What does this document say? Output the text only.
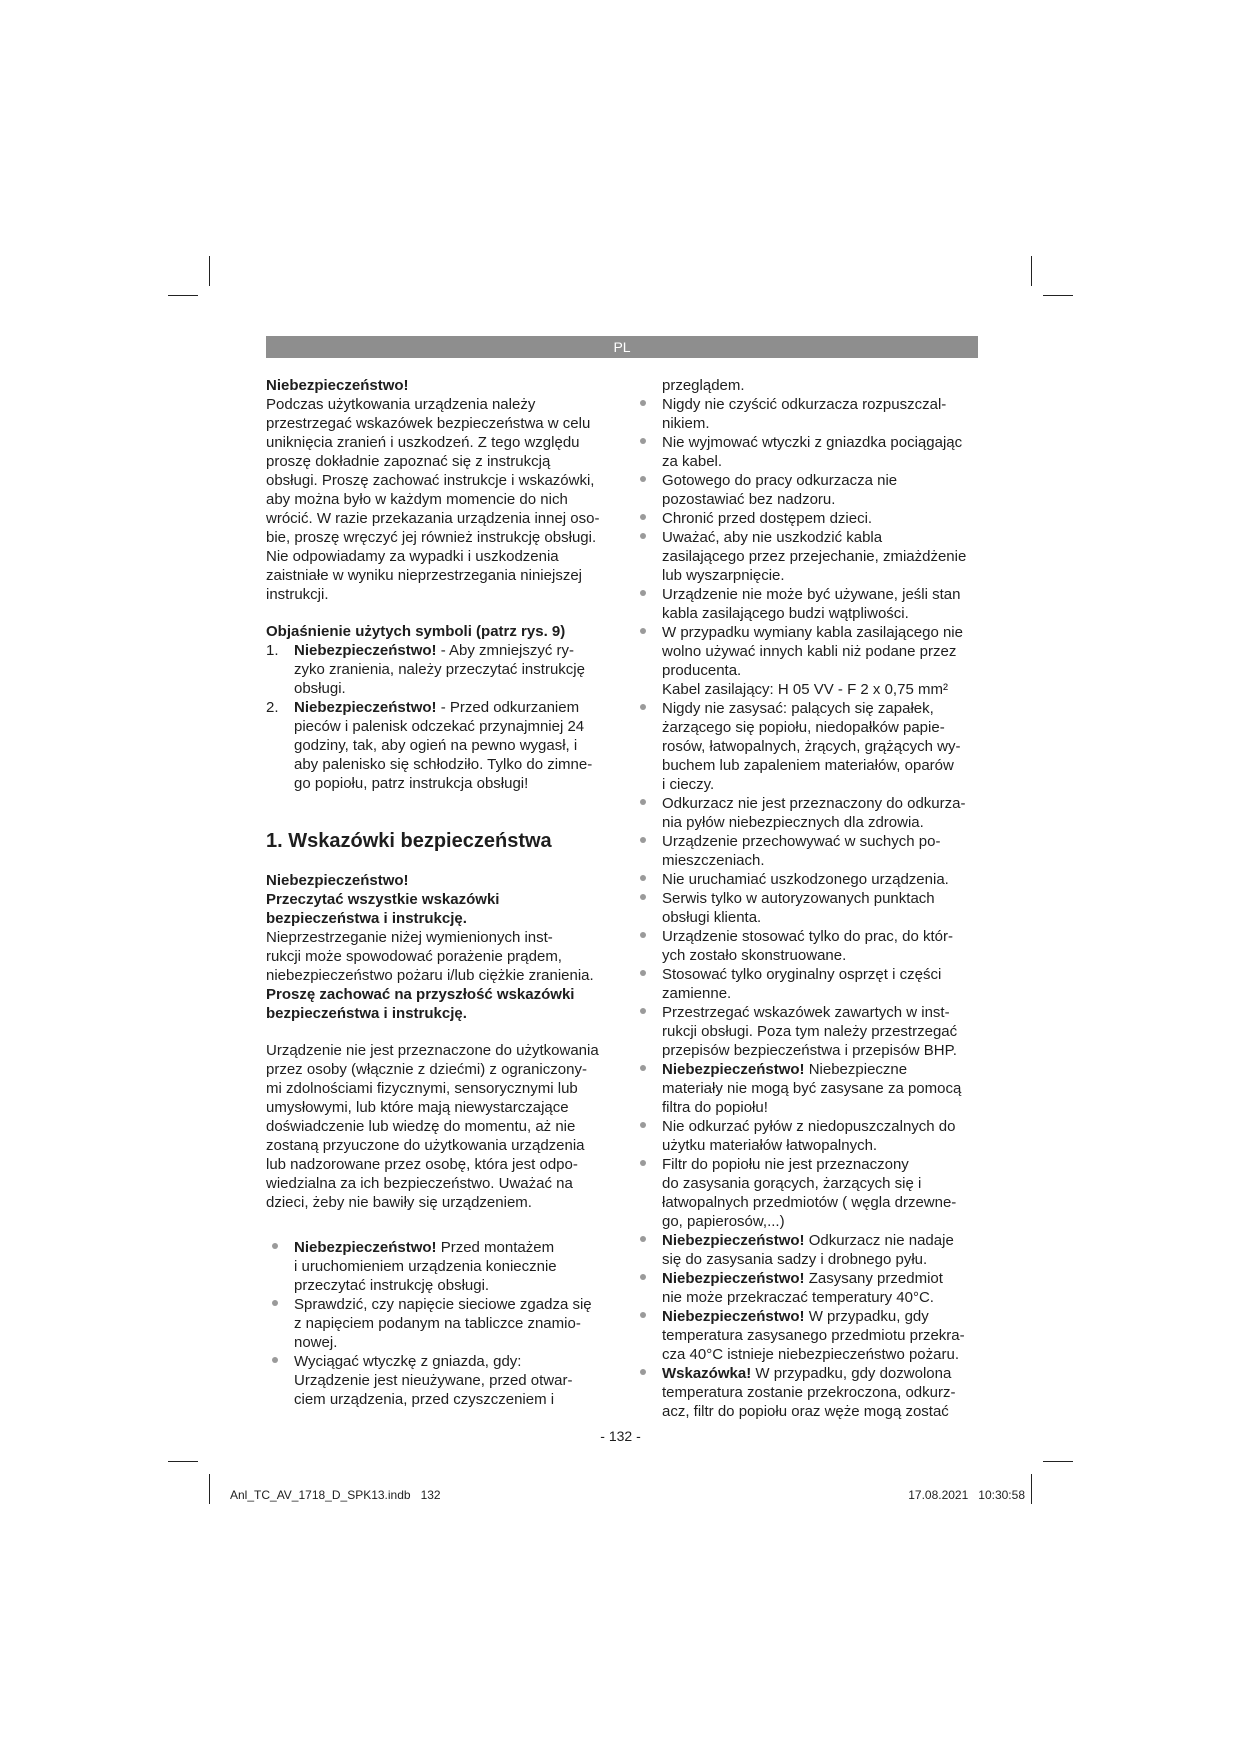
PL

Niebezpieczeństwo!

Podczas użytkowania urządzenia należy

przestrzegać wskazówek bezpieczeństwa w celu

uniknięcia zranień i uszkodzeń. Z tego względu

proszę dokładnie zapoznać się z instrukcją

obsługi. Proszę zachować instrukcje i wskazówki,

aby można było w każdym momencie do nich

wrócić. W razie przekazania urządzenia innej oso-

bie, proszę wręczyć jej również instrukcję obsługi.

Nie odpowiadamy za wypadki i uszkodzenia

zaistniałe w wyniku nieprzestrzegania niniejszej

instrukcji.

Objaśnienie użytych symboli (patrz rys. 9)

1. Niebezpieczeństwo! - Aby zmniejszyć ry-
zyko zranienia, należy przeczytać instrukcję
obsługi.
2. Niebezpieczeństwo! - Przed odkurzaniem
pieców i palenisk odczekać przynajmniej 24
godziny, tak, aby ogień na pewno wygasł, i
aby palenisko się schłodziło. Tylko do zimne-
go popiołu, patrz instrukcja obsługi!
1. Wskazówki bezpieczeństwa

Niebezpieczeństwo!

Przeczytać wszystkie wskazówki

bezpieczeństwa i instrukcję.

Nieprzestrzeganie niżej wymienionych inst-

rukcji może spowodować porażenie prądem,

niebezpieczeństwo pożaru i/lub ciężkie zranienia.

Proszę zachować na przyszłość wskazówki

bezpieczeństwa i instrukcję.

Urządzenie nie jest przeznaczone do użytkowania

przez osoby (włącznie z dziećmi) z ograniczony-

mi zdolnościami fizycznymi, sensorycznymi lub

umysłowymi, lub które mają niewystarczające

doświadczenie lub wiedzę do momentu, aż nie

zostaną przyuczone do użytkowania urządzenia

lub nadzorowane przez osobę, która jest odpo-

wiedzialna za ich bezpieczeństwo. Uważać na

dzieci, żeby nie bawiły się urządzeniem.

Niebezpieczeństwo! Przed montażem
i uruchomieniem urządzenia koniecznie
przeczytać instrukcję obsługi.
Sprawdzić, czy napięcie sieciowe zgadza się
z napięciem podanym na tabliczce znamio-
nowej.
Wyciągać wtyczkę z gniazda, gdy:
Urządzenie jest nieużywane, przed otwar-
ciem urządzenia, przed czyszczeniem i
przeglądem.
Nigdy nie czyścić odkurzacza rozpuszczal-
nikiem.
Nie wyjmować wtyczki z gniazdka pociągając
za kabel.
Gotowego do pracy odkurzacza nie
pozostawiać bez nadzoru.
Chronić przed dostępem dzieci.
Uważać, aby nie uszkodzić kabla
zasilającego przez przejechanie, zmiażdżenie
lub wyszarpnięcie.
Urządzenie nie może być używane, jeśli stan
kabla zasilającego budzi wątpliwości.
W przypadku wymiany kabla zasilającego nie
wolno używać innych kabli niż podane przez
producenta.
Kabel zasilający: H 05 VV - F 2 x 0,75 mm²
Nigdy nie zasysać: palących się zapałek,
żarzącego się popiołu, niedopałków papie-
rosów, łatwopalnych, żrących, grążących wy-
buchem lub zapaleniem materiałów, oparów
i cieczy.
Odkurzacz nie jest przeznaczony do odkurza-
nia pyłów niebezpiecznych dla zdrowia.
Urządzenie przechowywać w suchych po-
mieszczeniach.
Nie uruchamiać uszkodzonego urządzenia.
Serwis tylko w autoryzowanych punktach
obsługi klienta.
Urządzenie stosować tylko do prac, do któr-
ych zostało skonstruowane.
Stosować tylko oryginalny osprzęt i części
zamienne.
Przestrzegać wskazówek zawartych w inst-
rukcji obsługi. Poza tym należy przestrzegać
przepisów bezpieczeństwa i przepisów BHP.
Niebezpieczeństwo! Niebezpieczne
materiały nie mogą być zasysane za pomocą
filtra do popiołu!
Nie odkurzać pyłów z niedopuszczalnych do
użytku materiałów łatwopalnych.
Filtr do popiołu nie jest przeznaczony
do zasysania gorących, żarzących się i
łatwopalnych przedmiotów ( węgla drzewne-
go, papierosów,...)
Niebezpieczeństwo! Odkurzacz nie nadaje
się do zasysania sadzy i drobnego pyłu.
Niebezpieczeństwo! Zasysany przedmiot
nie może przekraczać temperatury 40°C.
Niebezpieczeństwo! W przypadku, gdy
temperatura zasysanego przedmiotu przekra-
cza 40°C istnieje niebezpieczeństwo pożaru.
Wskazówka! W przypadku, gdy dozwolona
temperatura zostanie przekroczona, odkurz-
acz, filtr do popiołu oraz węże mogą zostać
- 132 -
Anl_TC_AV_1718_D_SPK13.indb   132	17.08.2021   10:30:58
